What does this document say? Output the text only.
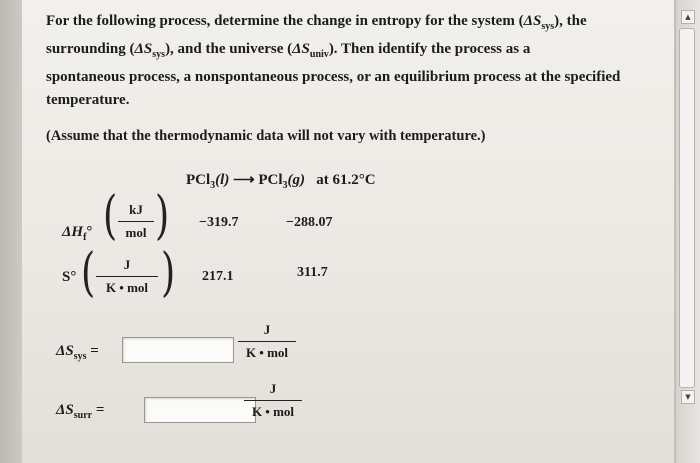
For the following process, determine the change in entropy for the system $(\Delta S_{sys})$, the
surrounding $(\Delta S_{sys})$, and the universe $(\Delta S_{univ})$. Then identify the process as a
spontaneous process, a nonspontaneous process, or an equilibrium process at the specified
temperature.
(Assume that the thermodynamic data will not vary with temperature.)
PCl$_3$(l) ⟶ PCl$_3$(g) at 61.2°C
$\Delta H_f^\circ$ ( kJ
mol ) −319.7	−288.07
S° (	J
K • mol ) 217.1	311.7
$\Delta S_{sys}$ =
J
K • mol
$\Delta S_{surr}$ =
J
K • mol
▲
▼
